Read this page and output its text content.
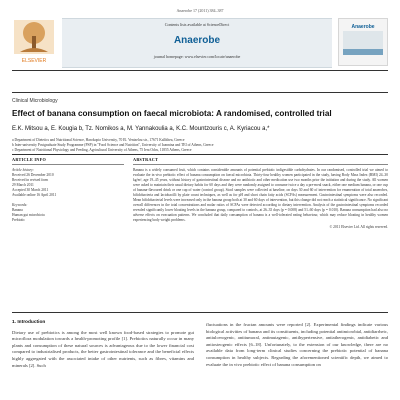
Anaerobe 17 (2011) 384–387
ELSEVIER
Contents lists available at ScienceDirect
Anaerobe
journal homepage: www.elsevier.com/locate/anaerobe
Anaerobe
Clinical Microbiology
Effect of banana consumption on faecal microbiota: A randomised, controlled trial
E.K. Mitsou a, E. Kougia b, Tz. Nomikos a, M. Yannakoulia a, K.C. Mountzouris c, A. Kyriacou a,*
a Department of Dietetics and Nutritional Science, Harokopio University, 70 El. Venizelou str., 17671 Kallithea, Greece
b Inter-university Postgraduate Study Programme (PSP) in "Food Science and Nutrition", University of Ioannina and TEI of Athens, Greece
c Department of Nutritional Physiology and Feeding, Agricultural University of Athens, 75 Iera Odos, 11855 Athens, Greece
ARTICLE INFO
Article history:
Received 26 December 2010
Received in revised form
29 March 2011
Accepted 30 March 2011
Available online 16 April 2011
Keywords:
Banana
Human gut microbiota
Prebiotic
ABSTRACT
Banana is a widely consumed fruit, which contains considerable amounts of potential prebiotic indigestible carbohydrates. In our randomised, controlled trial we aimed to evaluate the in vivo prebiotic effect of banana consumption on faecal microbiota. Thirty-four healthy women participated in the study, having Body Mass Index (BMI) 24–30 kg/m², age 19–45 years, without history of gastrointestinal disease and no antibiotic and other medication use two months prior the initiation and during the study. All women were asked to maintain their usual dietary habits for 60 days and they were randomly assigned to consume twice a day a pre-meal snack, either one medium banana, or one cup of banana-flavoured drink or one cup of water (control group). Stool samples were collected at baseline, on days 30 and 60 of intervention for enumeration of total anaerobes, bifidobacteria and lactobacilli by plate count techniques, as well as for pH and short chain fatty acids (SCFAs) measurement. Gastrointestinal symptoms were also recorded. Mean bifidobacterial levels were increased only in the banana group both at 30 and 60 days of intervention, but this change did not reach a statistical significance. No significant overall differences in the total concentrations and molar ratios of SCFAs were detected according to dietary intervention. Analysis of the gastrointestinal symptoms recorded revealed significantly lower bloating levels in the banana group, compared to controls, at 26–35 days (p = 0.008) and 51–60 days (p = 0.010). Banana consumption had also no adverse effects on evacuation patterns. We concluded that daily consumption of banana is a well-tolerated eating behaviour, which may reduce bloating in healthy women experiencing body weight problems.
© 2011 Elsevier Ltd. All rights reserved.
1. Introduction
Dietary use of prebiotics is among the most well known food-based strategies to promote gut microflora modulation towards a health-promoting profile [1]. Prebiotics naturally occur in many plants and consumption of these natural sources is advantageous due to the lower financial cost compared to industrialised products, the better gastrointestinal tolerance and the beneficial effects highly aggregated with the associated intake of other nutrients, such as fibres, vitamins and minerals [2]. Such
fluctuations in the fructan amounts were reported [2]. Experimental findings indicate various biological activities of banana and its constituents, including potential antimicrobial, antidiarrheic, antiulcerogenic, antitumoral, antimutagenic, antihypertensive, antiatherogenic, antidiabetic and antiosteogenic effects [6–18]. Unfortunately, to the extension of our knowledge, there are no available data from long-term clinical studies concerning the prebiotic potential of banana consumption in healthy subjects. Regarding the aforementioned scientific depth, we aimed to evaluate the in vivo prebiotic effect of banana consumption on
